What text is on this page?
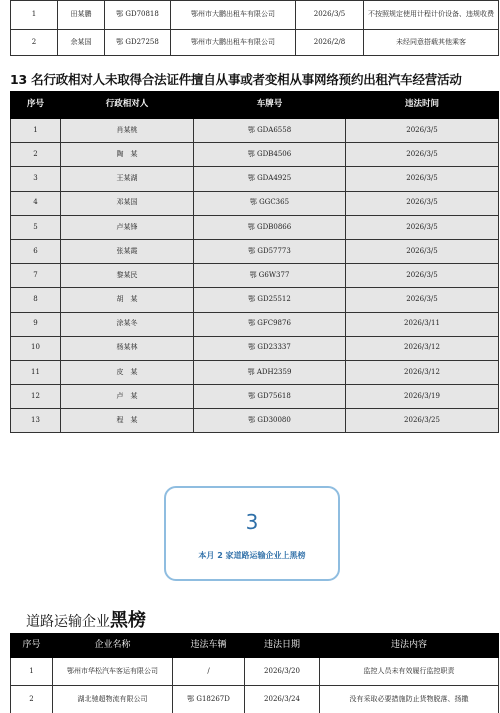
1	田某鹏	鄂 GD70818	鄂州市大鹏出租车有限公司	2026/3/5	不按照规定使用计程计价设备、违规收费
2	余某国	鄂 GD27258	鄂州市大鹏出租车有限公司	2026/2/8	未经同意搭载其他乘客
13 名行政相对人未取得合法证件擅自从事或者变相从事网络预约出租汽车经营活动
序号	行政相对人	车牌号	违法时间
1	肖某桃	鄂 GDA6558	2026/3/5
2	陶　某	鄂 GDB4506	2026/3/5
3	王某湖	鄂 GDA4925	2026/3/5
4	邓某国	鄂 GGC365	2026/3/5
5	卢某锋	鄂 GDB0866	2026/3/5
6	张某霞	鄂 GD57773	2026/3/5
7	黎某民	鄂 G6W377	2026/3/5
8	胡　某	鄂 GD25512	2026/3/5
9	涂某冬	鄂 GFC9876	2026/3/11
10	杨某林	鄂 GD23337	2026/3/12
11	皮　某	鄂 ADH2359	2026/3/12
12	卢　某	鄂 GD75618	2026/3/19
13	程　某	鄂 GD30080	2026/3/25
3
本月 2 家道路运输企业上黑榜
道路运输企业黑榜
序号	企业名称	违法车辆	违法日期	违法内容
1	鄂州市华松汽车客运有限公司	/	2026/3/20	监控人员未有效履行监控职责
2	湖北驰超物流有限公司	鄂 G18267D	2026/3/24	没有采取必要措施防止货物脱落、扬撒
